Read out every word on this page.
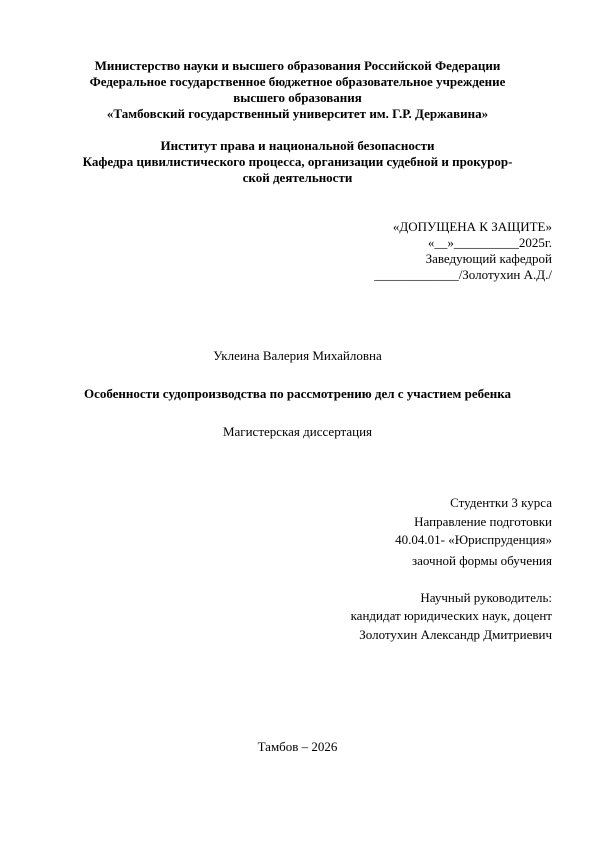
Министерство науки и высшего образования Российской Федерации
Федеральное государственное бюджетное образовательное учреждение
высшего образования
«Тамбовский государственный университет им. Г.Р. Державина»
Институт права и национальной безопасности
Кафедра цивилистического процесса, организации судебной и прокурор-
ской деятельности
«ДОПУЩЕНА К ЗАЩИТЕ»
«__»__________2025г.
Заведующий кафедрой
_____________/Золотухин А.Д./
Уклеина Валерия Михайловна
Особенности судопроизводства по рассмотрению дел с участием ребенка
Магистерская диссертация
Студентки 3 курса
Направление подготовки
40.04.01- «Юриспруденция»
заочной формы обучения
Научный руководитель:
кандидат юридических наук, доцент
Золотухин Александр Дмитриевич
Тамбов – 2026
